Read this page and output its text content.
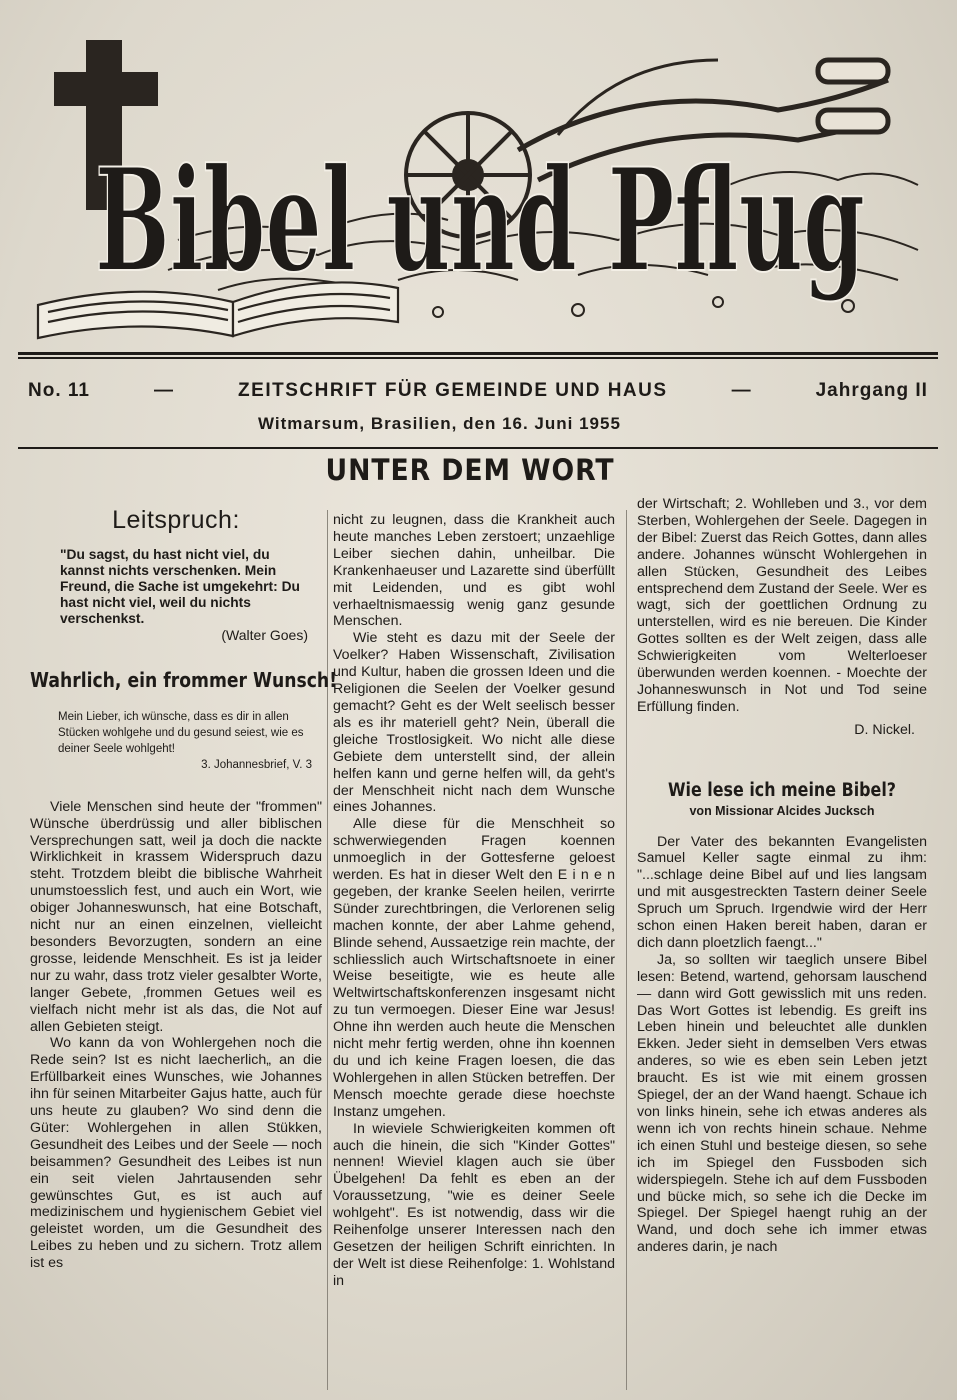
Bibel und Pflug
No. 11	—	ZEITSCHRIFT FÜR GEMEINDE UND HAUS	—	Jahrgang II
Witmarsum, Brasilien, den 16. Juni 1955
UNTER DEM WORT
Leitspruch:
"Du sagst, du hast nicht viel, du kannst nichts verschenken. Mein Freund, die Sache ist umgekehrt: Du hast nicht viel, weil du nichts verschenkst.
(Walter Goes)
Wahrlich, ein frommer Wunsch!
Mein Lieber, ich wünsche, dass es dir in allen Stücken wohlgehe und du gesund seiest, wie es deiner Seele wohlgeht!
3. Johannesbrief, V. 3

Viele Menschen sind heute der "frommen" Wünsche überdrüssig und aller biblischen Versprechungen satt, weil ja doch die nackte Wirklichkeit in krassem Widerspruch dazu steht. Trotzdem bleibt die biblische Wahrheit unumstoesslich fest, und auch ein Wort, wie obiger Johanneswunsch, hat eine Botschaft, nicht nur an einen einzelnen, vielleicht besonders Bevorzugten, sondern an eine grosse, leidende Menschheit. Es ist ja leider nur zu wahr, dass trotz vieler gesalbter Worte, langer Gebete, ‚frommen Getues weil es vielfach nicht mehr ist als das, die Not auf allen Gebieten steigt.

Wo kann da von Wohlergehen noch die Rede sein? Ist es nicht laecherlich„ an die Erfüllbarkeit eines Wunsches, wie Johannes ihn für seinen Mitarbeiter Gajus hatte, auch für uns heute zu glauben? Wo sind denn die Güter: Wohlergehen in allen Stükken, Gesundheit des Leibes und der Seele — noch beisammen? Gesundheit des Leibes ist nun ein seit vielen Jahrtausenden sehr gewünschtes Gut, es ist auch auf medizinischem und hygienischem Gebiet viel geleistet worden, um die Gesundheit des Leibes zu heben und zu sichern. Trotz allem ist es

nicht zu leugnen, dass die Krankheit auch heute manches Leben zerstoert; unzaehlige Leiber siechen dahin, unheilbar. Die Krankenhaeuser und Lazarette sind überfüllt mit Leidenden, und es gibt wohl verhaeltnismaessig wenig ganz gesunde Menschen.

Wie steht es dazu mit der Seele der Voelker? Haben Wissenschaft, Zivilisation und Kultur, haben die grossen Ideen und die Religionen die Seelen der Voelker gesund gemacht? Geht es der Welt seelisch besser als es ihr materiell geht? Nein, überall die gleiche Trostlosigkeit. Wo nicht alle diese Gebiete dem unterstellt sind, der allein helfen kann und gerne helfen will, da geht's der Menschheit nicht nach dem Wunsche eines Johannes.

Alle diese für die Menschheit so schwerwiegenden Fragen koennen unmoeglich in der Gottesferne geloest werden. Es hat in dieser Welt den E i n e n gegeben, der kranke Seelen heilen, verirrte Sünder zurechtbringen, die Verlorenen selig machen konnte, der aber Lahme gehend, Blinde sehend, Aussaetzige rein machte, der schliesslich auch Wirtschaftsnoete in einer Weise beseitigte, wie es heute alle Weltwirtschaftskonferenzen insgesamt nicht zu tun vermoegen. Dieser Eine war Jesus! Ohne ihn werden auch heute die Menschen nicht mehr fertig werden, ohne ihn koennen du und ich keine Fragen loesen, die das Wohlergehen in allen Stücken betreffen. Der Mensch moechte gerade diese hoechste Instanz umgehen.

In wieviele Schwierigkeiten kommen oft auch die hinein, die sich "Kinder Gottes" nennen! Wieviel klagen auch sie über Übelgehen! Da fehlt es eben an der Voraussetzung, "wie es deiner Seele wohlgeht". Es ist notwendig, dass wir die Reihenfolge unserer Interessen nach den Gesetzen der heiligen Schrift einrichten. In der Welt ist diese Reihenfolge: 1. Wohlstand in

der Wirtschaft; 2. Wohlleben und 3., vor dem Sterben, Wohlergehen der Seele. Dagegen in der Bibel: Zuerst das Reich Gottes, dann alles andere. Johannes wünscht Wohlergehen in allen Stücken, Gesundheit des Leibes entsprechend dem Zustand der Seele. Wer es wagt, sich der goettlichen Ordnung zu unterstellen, wird es nie bereuen. Die Kinder Gottes sollten es der Welt zeigen, dass alle Schwierigkeiten vom Welterloeser überwunden werden koennen. - Moechte der Johanneswunsch in Not und Tod seine Erfüllung finden.

D. Nickel.
Wie lese ich meine Bibel?
von Missionar Alcides Jucksch

Der Vater des bekannten Evangelisten Samuel Keller sagte einmal zu ihm: "...schlage deine Bibel auf und lies langsam und mit ausgestreckten Tastern deiner Seele Spruch um Spruch. Irgendwie wird der Herr schon einen Haken bereit haben, daran er dich dann ploetzlich faengt..."

Ja, so sollten wir taeglich unsere Bibel lesen: Betend, wartend, gehorsam lauschend — dann wird Gott gewisslich mit uns reden. Das Wort Gottes ist lebendig. Es greift ins Leben hinein und beleuchtet alle dunklen Ekken. Jeder sieht in demselben Vers etwas anderes, so wie es eben sein Leben jetzt braucht. Es ist wie mit einem grossen Spiegel, der an der Wand haengt. Schaue ich von links hinein, sehe ich etwas anderes als wenn ich von rechts hinein schaue. Nehme ich einen Stuhl und besteige diesen, so sehe ich im Spiegel den Fussboden sich widerspiegeln. Stehe ich auf dem Fussboden und bücke mich, so sehe ich die Decke im Spiegel. Der Spiegel haengt ruhig an der Wand, und doch sehe ich immer etwas anderes darin, je nach
